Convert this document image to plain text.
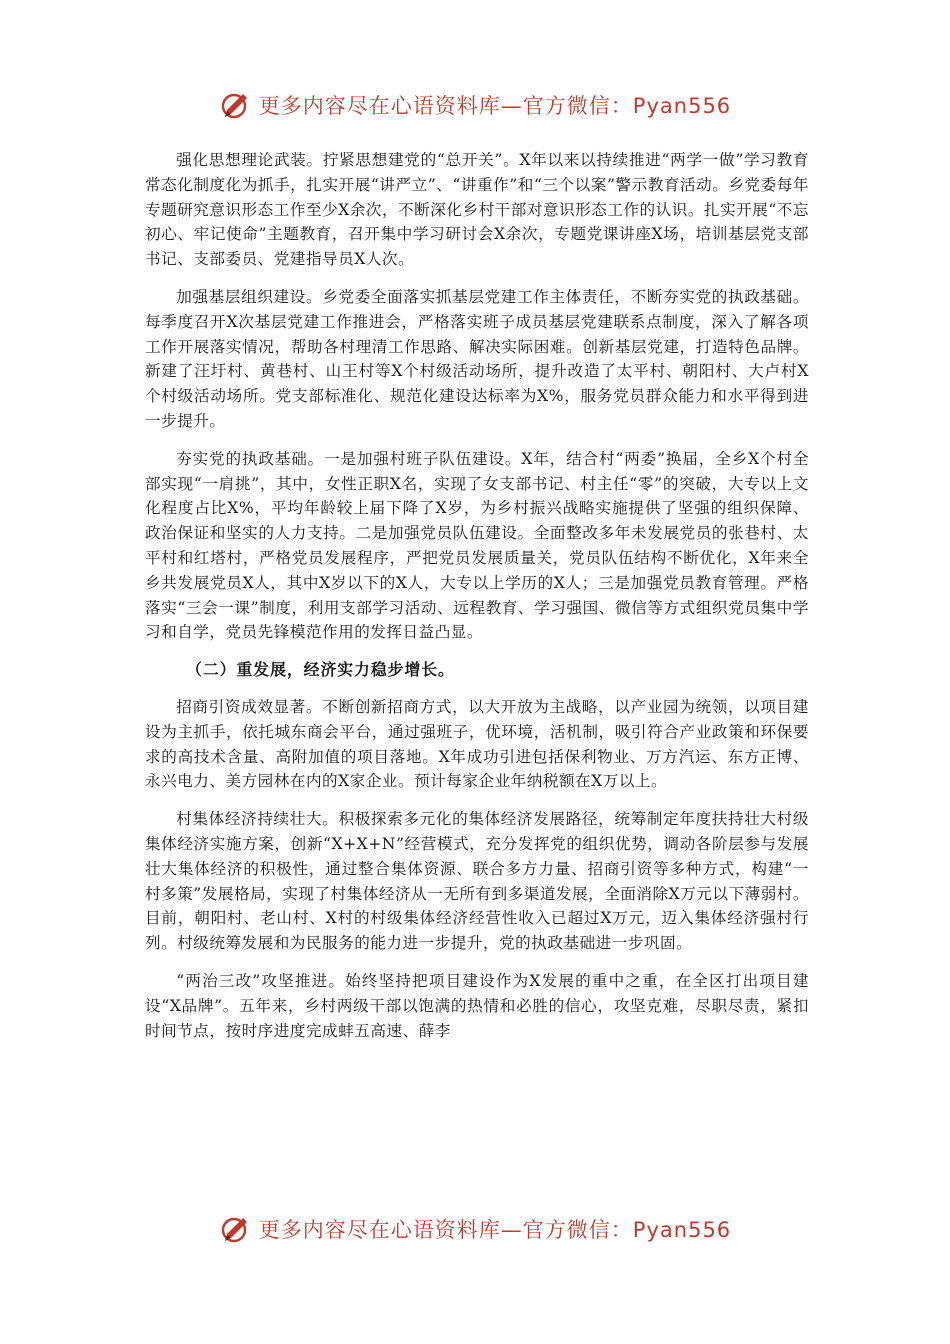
更多内容尽在心语资料库—官方微信：Pyan556

强化思想理论武装。拧紧思想建党的“总开关”。X年以来以持续推进“两学一做”学习教育常态化制度化为抓手，扎实开展“讲严立”、“讲重作”和“三个以案”警示教育活动。乡党委每年专题研究意识形态工作至少X余次，不断深化乡村干部对意识形态工作的认识。扎实开展“不忘初心、牢记使命”主题教育，召开集中学习研讨会X余次，专题党课讲座X场，培训基层党支部书记、支部委员、党建指导员X人次。

加强基层组织建设。乡党委全面落实抓基层党建工作主体责任，不断夯实党的执政基础。每季度召开X次基层党建工作推进会，严格落实班子成员基层党建联系点制度，深入了解各项工作开展落实情况，帮助各村理清工作思路、解决实际困难。创新基层党建，打造特色品牌。新建了汪圩村、黄巷村、山王村等X个村级活动场所，提升改造了太平村、朝阳村、大卢村X个村级活动场所。党支部标准化、规范化建设达标率为X%，服务党员群众能力和水平得到进一步提升。

夯实党的执政基础。一是加强村班子队伍建设。X年，结合村“两委”换届，全乡X个村全部实现“一肩挑”，其中，女性正职X名，实现了女支部书记、村主任“零”的突破，大专以上文化程度占比X%，平均年龄较上届下降了X岁，为乡村振兴战略实施提供了坚强的组织保障、政治保证和坚实的人力支持。二是加强党员队伍建设。全面整改多年未发展党员的张巷村、太平村和红塔村，严格党员发展程序，严把党员发展质量关，党员队伍结构不断优化，X年来全乡共发展党员X人，其中X岁以下的X人，大专以上学历的X人；三是加强党员教育管理。严格落实“三会一课”制度，利用支部学习活动、远程教育、学习强国、微信等方式组织党员集中学习和自学，党员先锋模范作用的发挥日益凸显。

（二）重发展，经济实力稳步增长。

招商引资成效显著。不断创新招商方式，以大开放为主战略，以产业园为统领，以项目建设为主抓手，依托城东商会平台，通过强班子，优环境，活机制，吸引符合产业政策和环保要求的高技术含量、高附加值的项目落地。X年成功引进包括保利物业、万方汽运、东方正博、永兴电力、美方园林在内的X家企业。预计每家企业年纳税额在X万以上。

村集体经济持续壮大。积极探索多元化的集体经济发展路径，统筹制定年度扶持壮大村级集体经济实施方案，创新“X+X+N”经营模式，充分发挥党的组织优势，调动各阶层参与发展壮大集体经济的积极性，通过整合集体资源、联合多方力量、招商引资等多种方式，构建“一村多策”发展格局，实现了村集体经济从一无所有到多渠道发展，全面消除X万元以下薄弱村。目前，朝阳村、老山村、X村的村级集体经济经营性收入已超过X万元，迈入集体经济强村行列。村级统筹发展和为民服务的能力进一步提升，党的执政基础进一步巩固。

“两治三改”攻坚推进。始终坚持把项目建设作为X发展的重中之重，在全区打出项目建设“X品牌”。五年来，乡村两级干部以饱满的热情和必胜的信心，攻坚克难，尽职尽责，紧扣时间节点，按时序进度完成蚌五高速、薛李

更多内容尽在心语资料库—官方微信：Pyan556
